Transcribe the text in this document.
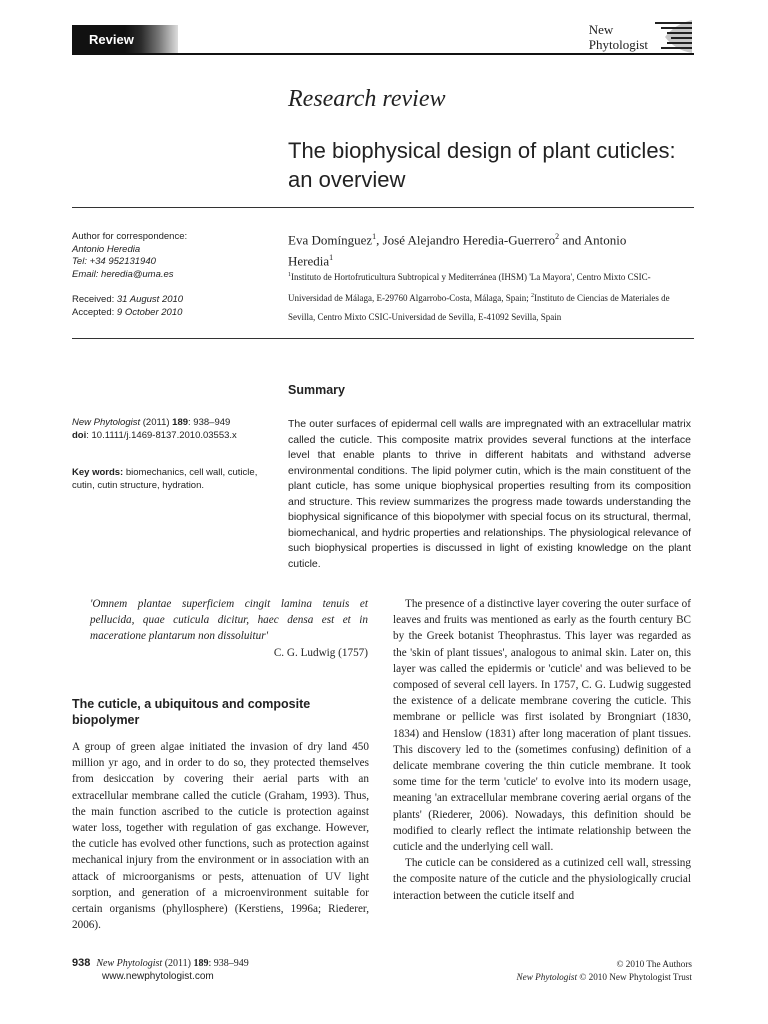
Review
New
Phytologist
Research review
The biophysical design of plant cuticles: an overview
Author for correspondence:
Antonio Heredia
Tel: +34 952131940
Email: heredia@uma.es
Received: 31 August 2010
Accepted: 9 October 2010
Eva Domínguez$^1$, José Alejandro Heredia-Guerrero$^2$ and Antonio
Heredia$^1$
$^1$Instituto de Hortofruticultura Subtropical y Mediterránea (IHSM) 'La Mayora', Centro Mixto CSIC-Universidad de Málaga, E-29760 Algarrobo-Costa, Málaga, Spain; $^2$Instituto de Ciencias de Materiales de Sevilla, Centro Mixto CSIC-Universidad de Sevilla, E-41092 Sevilla, Spain
New Phytologist (2011) 189: 938–949
doi: 10.1111/j.1469-8137.2010.03553.x
Key words: biomechanics, cell wall, cuticle, cutin, cutin structure, hydration.
Summary
The outer surfaces of epidermal cell walls are impregnated with an extracellular matrix called the cuticle. This composite matrix provides several functions at the interface level that enable plants to thrive in different habitats and withstand adverse environmental conditions. The lipid polymer cutin, which is the main constituent of the plant cuticle, has some unique biophysical properties resulting from its composition and structure. This review summarizes the progress made towards understanding the biophysical significance of this biopolymer with special focus on its structural, thermal, biomechanical, and hydric properties and relationships. The physiological relevance of such biophysical properties is discussed in light of existing knowledge on the plant cuticle.

'Omnem plantae superficiem cingit lamina tenuis et pellucida, quae cuticula dicitur, haec densa est et in maceratione plantarum non dissoluitur'

C. G. Ludwig (1757)

The cuticle, a ubiquitous and composite biopolymer

A group of green algae initiated the invasion of dry land 450 million yr ago, and in order to do so, they protected themselves from desiccation by covering their aerial parts with an extracellular membrane called the cuticle (Graham, 1993). Thus, the main function ascribed to the cuticle is protection against water loss, together with regulation of gas exchange. However, the cuticle has evolved other functions, such as protection against mechanical injury from the environment or in association with an attack of microorganisms or pests, attenuation of UV light sorption, and generation of a microenvironment suitable for certain organisms (phyllosphere) (Kerstiens, 1996a; Riederer, 2006).

The presence of a distinctive layer covering the outer surface of leaves and fruits was mentioned as early as the fourth century BC by the Greek botanist Theophrastus. This layer was regarded as the 'skin of plant tissues', analogous to animal skin. Later on, this layer was called the epidermis or 'cuticle' and was believed to be composed of several cell layers. In 1757, C. G. Ludwig suggested the existence of a delicate membrane covering the cuticle. This membrane or pellicle was first isolated by Brongniart (1830, 1834) and Henslow (1831) after long maceration of plant tissues. This discovery led to the (sometimes confusing) definition of a delicate membrane covering the thin cuticle membrane. It took some time for the term 'cuticle' to evolve into its modern usage, meaning 'an extracellular membrane covering aerial organs of the plants' (Riederer, 2006). Nowadays, this definition should be modified to clearly reflect the intimate relationship between the cuticle and the underlying cell wall.

The cuticle can be considered as a cutinized cell wall, stressing the composite nature of the cuticle and the physiologically crucial interaction between the cuticle itself and

938 New Phytologist (2011) 189: 938–949
www.newphytologist.com
© 2010 The Authors
New Phytologist © 2010 New Phytologist Trust
